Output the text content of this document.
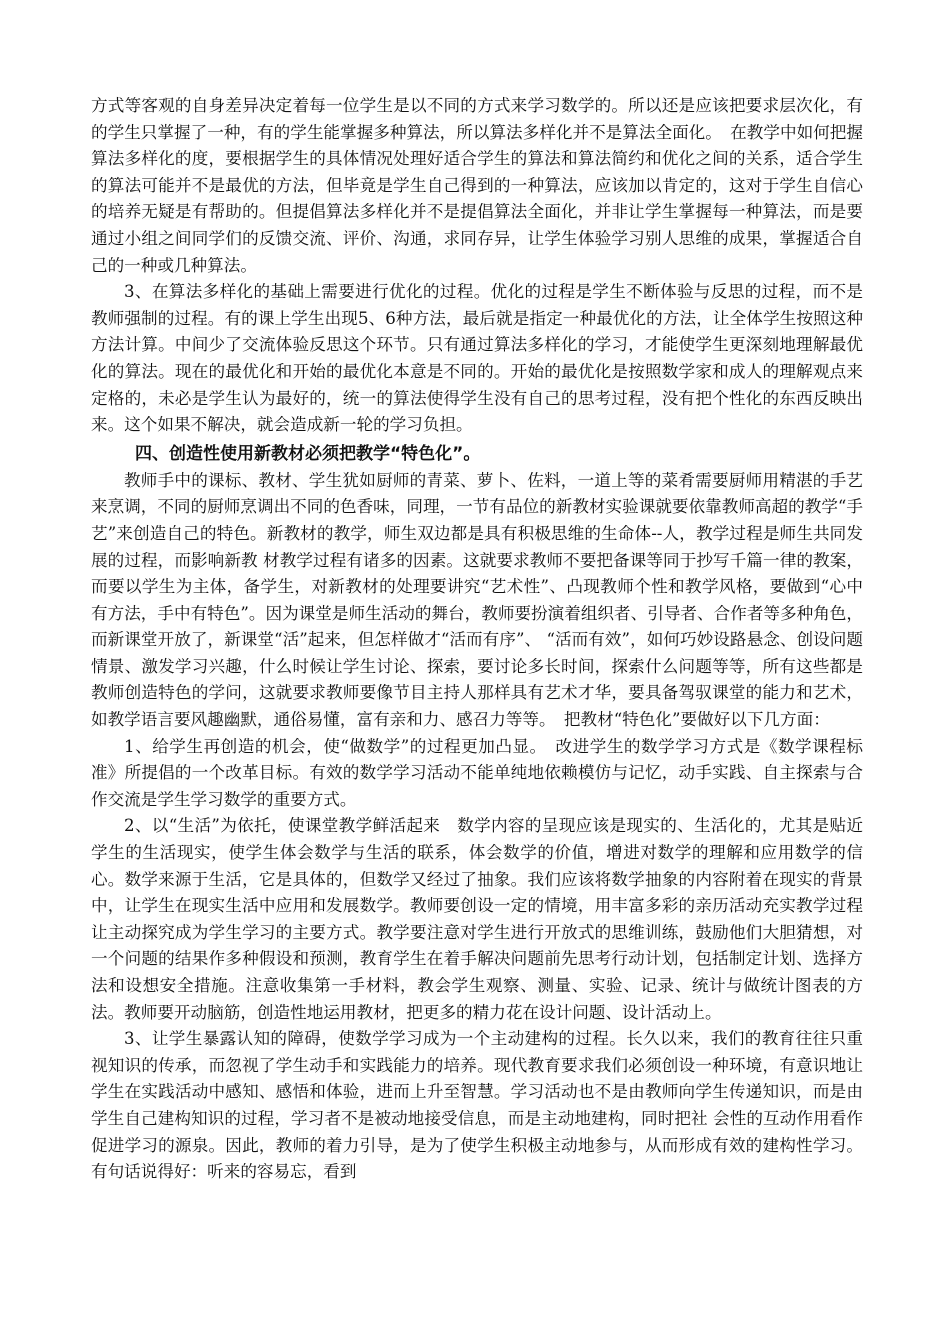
方式等客观的自身差异决定着每一位学生是以不同的方式来学习数学的。所以还是应该把要求层次化，有的学生只掌握了一种，有的学生能掌握多种算法，所以算法多样化并不是算法全面化。　在教学中如何把握算法多样化的度，要根据学生的具体情况处理好适合学生的算法和算法简约和优化之间的关系，适合学生的算法可能并不是最优的方法，但毕竟是学生自己得到的一种算法，应该加以肯定的，这对于学生自信心的培养无疑是有帮助的。但提倡算法多样化并不是提倡算法全面化，并非让学生掌握每一种算法，而是要通过小组之间同学们的反馈交流、评价、沟通，求同存异，让学生体验学习别人思维的成果，掌握适合自己的一种或几种算法。

3、在算法多样化的基础上需要进行优化的过程。优化的过程是学生不断体验与反思的过程，而不是教师强制的过程。有的课上学生出现5、6种方法，最后就是指定一种最优化的方法，让全体学生按照这种方法计算。中间少了交流体验反思这个环节。只有通过算法多样化的学习，才能使学生更深刻地理解最优化的算法。现在的最优化和开始的最优化本意是不同的。开始的最优化是按照数学家和成人的理解观点来定格的，未必是学生认为最好的，统一的算法使得学生没有自己的思考过程，没有把个性化的东西反映出来。这个如果不解决，就会造成新一轮的学习负担。

四、创造性使用新教材必须把教学“特色化”。

教师手中的课标、教材、学生犹如厨师的青菜、萝卜、佐料，一道上等的菜肴需要厨师用精湛的手艺来烹调，不同的厨师烹调出不同的色香味，同理，一节有品位的新教材实验课就要依靠教师高超的教学“手艺”来创造自己的特色。新教材的教学，师生双边都是具有积极思维的生命体--人，教学过程是师生共同发展的过程，而影响新教 材教学过程有诸多的因素。这就要求教师不要把备课等同于抄写千篇一律的教案，而要以学生为主体，备学生，对新教材的处理要讲究“艺术性”、凸现教师个性和教学风格，要做到“心中有方法，手中有特色”。因为课堂是师生活动的舞台，教师要扮演着组织者、引导者、合作者等多种角色，而新课堂开放了，新课堂“活”起来，但怎样做才“活而有序”、 “活而有效”，如何巧妙设路悬念、创设问题情景、激发学习兴趣，什么时候让学生讨论、探索，要讨论多长时间，探索什么问题等等，所有这些都是教师创造特色的学问，这就要求教师要像节目主持人那样具有艺术才华，要具备驾驭课堂的能力和艺术，如教学语言要风趣幽默，通俗易懂，富有亲和力、感召力等等。　把教材“特色化”要做好以下几方面：

1、给学生再创造的机会，使“做数学”的过程更加凸显。　改进学生的数学学习方式是《数学课程标准》所提倡的一个改革目标。有效的数学学习活动不能单纯地依赖模仿与记忆，动手实践、自主探索与合作交流是学生学习数学的重要方式。

2、以“生活”为依托，使课堂教学鲜活起来　数学内容的呈现应该是现实的、生活化的，尤其是贴近学生的生活现实，使学生体会数学与生活的联系，体会数学的价值，增进对数学的理解和应用数学的信心。数学来源于生活，它是具体的，但数学又经过了抽象。我们应该将数学抽象的内容附着在现实的背景中，让学生在现实生活中应用和发展数学。教师要创设一定的情境，用丰富多彩的亲历活动充实教学过程让主动探究成为学生学习的主要方式。教学要注意对学生进行开放式的思维训练，鼓励他们大胆猜想，对一个问题的结果作多种假设和预测，教育学生在着手解决问题前先思考行动计划，包括制定计划、选择方法和设想安全措施。注意收集第一手材料，教会学生观察、测量、实验、记录、统计与做统计图表的方法。教师要开动脑筋，创造性地运用教材，把更多的精力花在设计问题、设计活动上。

3、让学生暴露认知的障碍，使数学学习成为一个主动建构的过程。长久以来，我们的教育往往只重视知识的传承，而忽视了学生动手和实践能力的培养。现代教育要求我们必须创设一种环境，有意识地让学生在实践活动中感知、感悟和体验，进而上升至智慧。学习活动也不是由教师向学生传递知识，而是由学生自己建构知识的过程，学习者不是被动地接受信息，而是主动地建构，同时把社 会性的互动作用看作促进学习的源泉。因此，教师的着力引导，是为了使学生积极主动地参与，从而形成有效的建构性学习。有句话说得好：听来的容易忘，看到
